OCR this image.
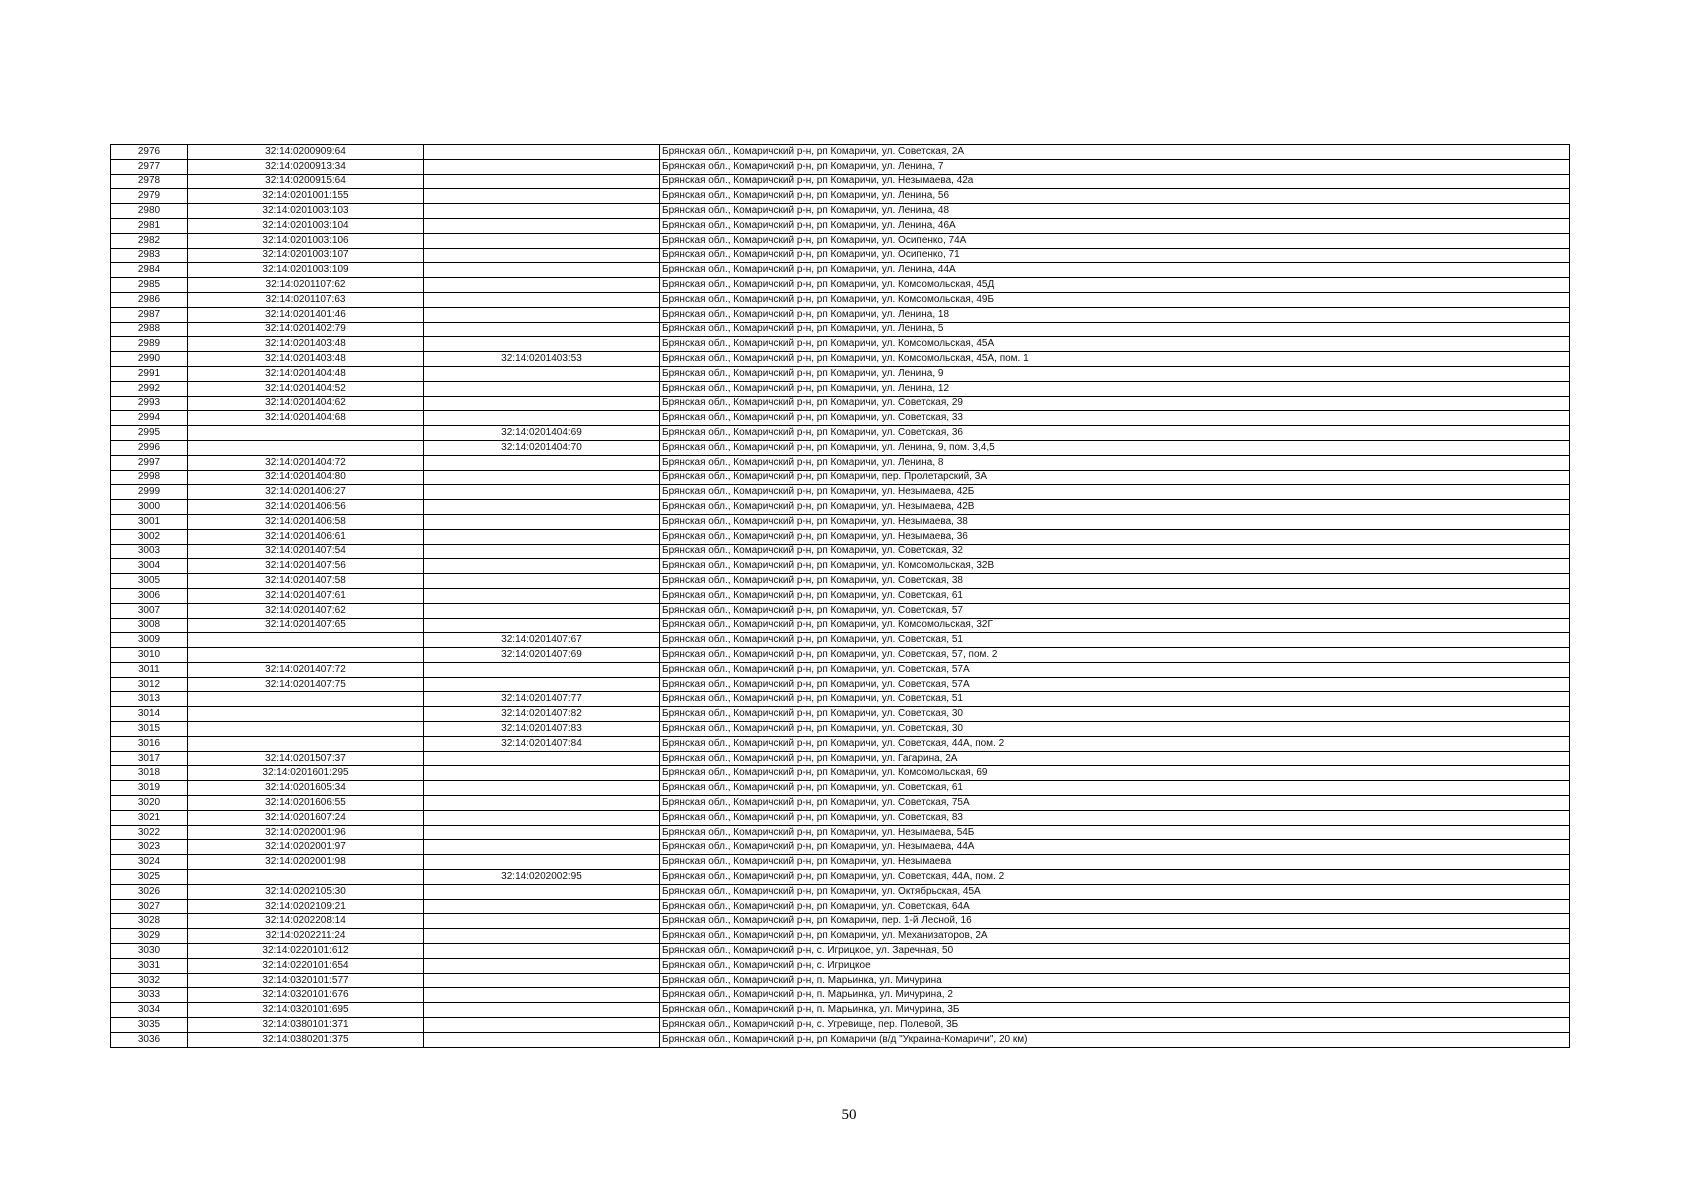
2976	32:14:0200909:64		Брянская обл., Комаричский р-н, рп Комаричи, ул. Советская, 2А
2977	32:14:0200913:34		Брянская обл., Комаричский р-н, рп Комаричи, ул. Ленина, 7
2978	32:14:0200915:64		Брянская обл., Комаричский р-н, рп Комаричи, ул. Незымаева, 42а
2979	32:14:0201001:155		Брянская обл., Комаричский р-н, рп Комаричи, ул. Ленина, 56
2980	32:14:0201003:103		Брянская обл., Комаричский р-н, рп Комаричи, ул. Ленина, 48
2981	32:14:0201003:104		Брянская обл., Комаричский р-н, рп Комаричи, ул. Ленина, 46А
2982	32:14:0201003:106		Брянская обл., Комаричский р-н, рп Комаричи, ул. Осипенко, 74А
2983	32:14:0201003:107		Брянская обл., Комаричский р-н, рп Комаричи, ул. Осипенко, 71
2984	32:14:0201003:109		Брянская обл., Комаричский р-н, рп Комаричи, ул. Ленина, 44А
2985	32:14:0201107:62		Брянская обл., Комаричский р-н, рп Комаричи, ул. Комсомольская, 45Д
2986	32:14:0201107:63		Брянская обл., Комаричский р-н, рп Комаричи, ул. Комсомольская, 49Б
2987	32:14:0201401:46		Брянская обл., Комаричский р-н, рп Комаричи, ул. Ленина, 18
2988	32:14:0201402:79		Брянская обл., Комаричский р-н, рп Комаричи, ул. Ленина, 5
2989	32:14:0201403:48		Брянская обл., Комаричский р-н, рп Комаричи, ул. Комсомольская, 45А
2990	32:14:0201403:48	32:14:0201403:53	Брянская обл., Комаричский р-н, рп Комаричи, ул. Комсомольская, 45А, пом. 1
2991	32:14:0201404:48		Брянская обл., Комаричский р-н, рп Комаричи, ул. Ленина, 9
2992	32:14:0201404:52		Брянская обл., Комаричский р-н, рп Комаричи, ул. Ленина, 12
2993	32:14:0201404:62		Брянская обл., Комаричский р-н, рп Комаричи, ул. Советская, 29
2994	32:14:0201404:68		Брянская обл., Комаричский р-н, рп Комаричи, ул. Советская, 33
2995		32:14:0201404:69	Брянская обл., Комаричский р-н, рп Комаричи, ул. Советская, 36
2996		32:14:0201404:70	Брянская обл., Комаричский р-н, рп Комаричи, ул. Ленина, 9, пом. 3,4,5
2997	32:14:0201404:72		Брянская обл., Комаричский р-н, рп Комаричи, ул. Ленина, 8
2998	32:14:0201404:80		Брянская обл., Комаричский р-н, рп Комаричи, пер. Пролетарский, 3А
2999	32:14:0201406:27		Брянская обл., Комаричский р-н, рп Комаричи, ул. Незымаева, 42Б
3000	32:14:0201406:56		Брянская обл., Комаричский р-н, рп Комаричи, ул. Незымаева, 42В
3001	32:14:0201406:58		Брянская обл., Комаричский р-н, рп Комаричи, ул. Незымаева, 38
3002	32:14:0201406:61		Брянская обл., Комаричский р-н, рп Комаричи, ул. Незымаева, 36
3003	32:14:0201407:54		Брянская обл., Комаричский р-н, рп Комаричи, ул. Советская, 32
3004	32:14:0201407:56		Брянская обл., Комаричский р-н, рп Комаричи, ул. Комсомольская, 32В
3005	32:14:0201407:58		Брянская обл., Комаричский р-н, рп Комаричи, ул. Советская, 38
3006	32:14:0201407:61		Брянская обл., Комаричский р-н, рп Комаричи, ул. Советская, 61
3007	32:14:0201407:62		Брянская обл., Комаричский р-н, рп Комаричи, ул. Советская, 57
3008	32:14:0201407:65		Брянская обл., Комаричский р-н, рп Комаричи, ул. Комсомольская, 32Г
3009		32:14:0201407:67	Брянская обл., Комаричский р-н, рп Комаричи, ул. Советская, 51
3010		32:14:0201407:69	Брянская обл., Комаричский р-н, рп Комаричи, ул. Советская, 57, пом. 2
3011	32:14:0201407:72		Брянская обл., Комаричский р-н, рп Комаричи, ул. Советская, 57А
3012	32:14:0201407:75		Брянская обл., Комаричский р-н, рп Комаричи, ул. Советская, 57А
3013		32:14:0201407:77	Брянская обл., Комаричский р-н, рп Комаричи, ул. Советская, 51
3014		32:14:0201407:82	Брянская обл., Комаричский р-н, рп Комаричи, ул. Советская, 30
3015		32:14:0201407:83	Брянская обл., Комаричский р-н, рп Комаричи, ул. Советская, 30
3016		32:14:0201407:84	Брянская обл., Комаричский р-н, рп Комаричи, ул. Советская, 44А, пом. 2
3017	32:14:0201507:37		Брянская обл., Комаричский р-н, рп Комаричи, ул. Гагарина, 2А
3018	32:14:0201601:295		Брянская обл., Комаричский р-н, рп Комаричи, ул. Комсомольская, 69
3019	32:14:0201605:34		Брянская обл., Комаричский р-н, рп Комаричи, ул. Советская, 61
3020	32:14:0201606:55		Брянская обл., Комаричский р-н, рп Комаричи, ул. Советская, 75А
3021	32:14:0201607:24		Брянская обл., Комаричский р-н, рп Комаричи, ул. Советская, 83
3022	32:14:0202001:96		Брянская обл., Комаричский р-н, рп Комаричи, ул. Незымаева, 54Б
3023	32:14:0202001:97		Брянская обл., Комаричский р-н, рп Комаричи, ул. Незымаева, 44А
3024	32:14:0202001:98		Брянская обл., Комаричский р-н, рп Комаричи, ул. Незымаева
3025		32:14:0202002:95	Брянская обл., Комаричский р-н, рп Комаричи, ул. Советская, 44А, пом. 2
3026	32:14:0202105:30		Брянская обл., Комаричский р-н, рп Комаричи, ул. Октябрьская, 45А
3027	32:14:0202109:21		Брянская обл., Комаричский р-н, рп Комаричи, ул. Советская, 64А
3028	32:14:0202208:14		Брянская обл., Комаричский р-н, рп Комаричи, пер. 1-й Лесной, 16
3029	32:14:0202211:24		Брянская обл., Комаричский р-н, рп Комаричи, ул. Механизаторов, 2А
3030	32:14:0220101:612		Брянская обл., Комаричский р-н, с. Игрицкое, ул. Заречная, 50
3031	32:14:0220101:654		Брянская обл., Комаричский р-н, с. Игрицкое
3032	32:14:0320101:577		Брянская обл., Комаричский р-н, п. Марьинка, ул. Мичурина
3033	32:14:0320101:676		Брянская обл., Комаричский р-н, п. Марьинка, ул. Мичурина, 2
3034	32:14:0320101:695		Брянская обл., Комаричский р-н, п. Марьинка, ул. Мичурина, 3Б
3035	32:14:0380101:371		Брянская обл., Комаричский р-н, с. Угревище, пер. Полевой, 3Б
3036	32:14:0380201:375		Брянская обл., Комаричский р-н, рп Комаричи (в/д "Украина-Комаричи", 20 км)
50
